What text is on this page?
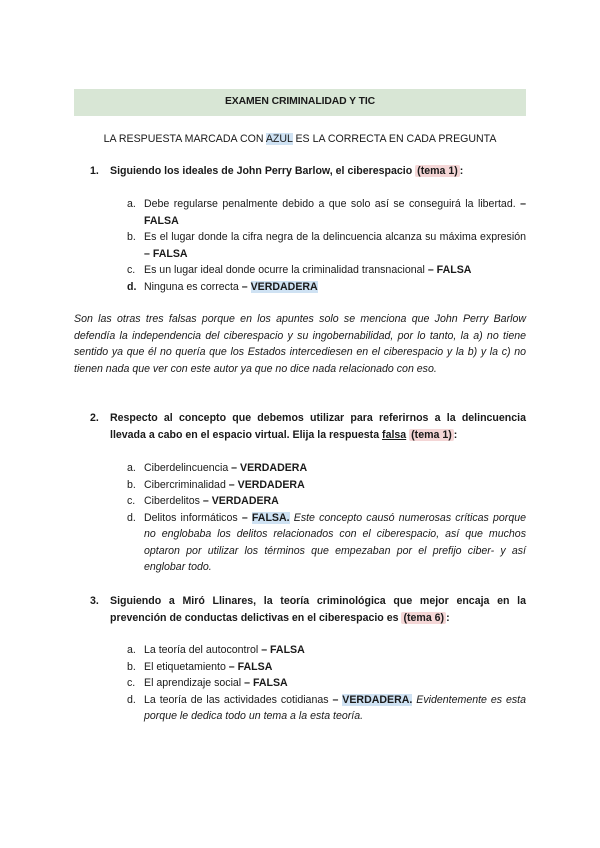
EXAMEN CRIMINALIDAD Y TIC
LA RESPUESTA MARCADA CON AZUL ES LA CORRECTA EN CADA PREGUNTA
1.	Siguiendo los ideales de John Perry Barlow, el ciberespacio (tema 1) :
a. Debe regularse penalmente debido a que solo así se conseguirá la libertad. – FALSA
b. Es el lugar donde la cifra negra de la delincuencia alcanza su máxima expresión – FALSA
c. Es un lugar ideal donde ocurre la criminalidad transnacional – FALSA
d. Ninguna es correcta – VERDADERA
Son las otras tres falsas porque en los apuntes solo se menciona que John Perry Barlow defendía la independencia del ciberespacio y su ingobernabilidad, por lo tanto, la a) no tiene sentido ya que él no quería que los Estados intercediesen en el ciberespacio y la b) y la c) no tienen nada que ver con este autor ya que no dice nada relacionado con eso.
2.	Respecto al concepto que debemos utilizar para referirnos a la delincuencia llevada a cabo en el espacio virtual. Elija la respuesta falsa (tema 1) :
a. Ciberdelincuencia – VERDADERA
b. Cibercriminalidad – VERDADERA
c. Ciberdelitos – VERDADERA
d. Delitos informáticos – FALSA. Este concepto causó numerosas críticas porque no englobaba los delitos relacionados con el ciberespacio, así que muchos optaron por utilizar los términos que empezaban por el prefijo ciber- y así englobar todo.
3.	Siguiendo a Miró Llinares, la teoría criminológica que mejor encaja en la prevención de conductas delictivas en el ciberespacio es (tema 6) :
a. La teoría del autocontrol – FALSA
b. El etiquetamiento – FALSA
c. El aprendizaje social – FALSA
d. La teoría de las actividades cotidianas – VERDADERA. Evidentemente es esta porque le dedica todo un tema a la esta teoría.
